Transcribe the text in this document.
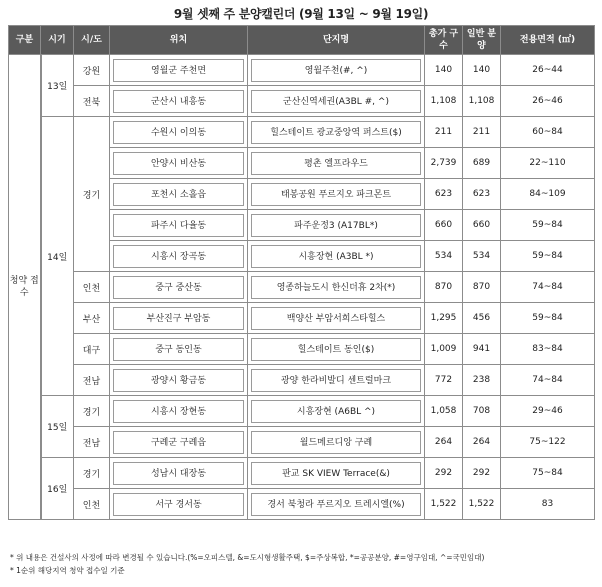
9월 셋째 주 분양캘린더 (9월 13일 ~ 9월 19일)
구분	시기	시/도	위치	단지명	총가 구수	일반 분양	전용면적 (㎡)
청약 접수	13일	강원	영월군 주천면	영월주천(#, ^)	140	140	26~44
		전북	군산시 내흥동	군산신역세권(A3BL #, ^)	1,108	1,108	26~46
	14일	경기	수원시 이의동	힐스테이트 광교중앙역 퍼스트($)	211	211	60~84

			안양시 비산동	평촌 엘프라우드	2,739	689	22~110

			포천시 소흘읍	태봉공원 푸르지오 파크몬트	623	623	84~109

			파주시 다율동	파주운정3 (A17BL*)	660	660	59~84

			시흥시 장곡동	시흥장현 (A3BL *)	534	534	59~84
		인천	중구 중산동	영종하늘도시 한신더휴 2차(*)	870	870	74~84
		부산	부산진구 부암동	백양산 부암서희스타힐스	1,295	456	59~84
		대구	중구 동인동	힐스테이트 동인($)	1,009	941	83~84
		전남	광양시 황금동	광양 한라비발디 센트럴마크	772	238	74~84
	15일	경기	시흥시 장현동	시흥장현 (A6BL ^)	1,058	708	29~46
		전남	구례군 구례읍	월드메르디앙 구례	264	264	75~122
	16일	경기	성남시 대장동	판교 SK VIEW Terrace(&)	292	292	75~84
		인천	서구 경서동	경서 북청라 푸르지오 트레시엘(%)	1,522	1,522	83
* 위 내용은 건설사의 사정에 따라 변경될 수 있습니다.(%=오피스텔, &=도시형생활주택, $=주상복합, *=공공분양, #=영구임대, ^=국민임대)
* 1순위 해당지역 청약 접수일 기준
